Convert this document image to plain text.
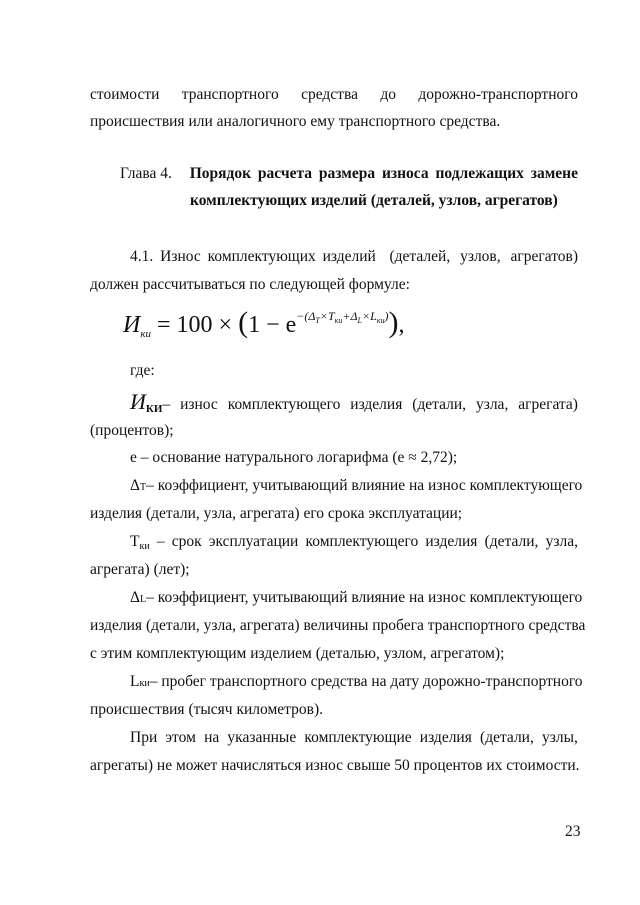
стоимости транспортного средства до дорожно-транспортного
происшествия или аналогичного ему транспортного средства.
Глава 4. Порядок расчета размера износа подлежащих замене
комплектующих изделий (деталей, узлов, агрегатов)
4.1. Износ комплектующих изделий (деталей, узлов, агрегатов)
должен рассчитываться по следующей формуле:
$И_{ки} = 100 \times (1 - e^{-(\Delta_T\times T_{ки}+\Delta_L\times L_{ки})})$,
где:
ИКИ– износ комплектующего изделия (детали, узла, агрегата)
(процентов);
е – основание натурального логарифма (е ≈ 2,72);
Δ Т – коэффициент, учитывающий влияние на износ комплектующего
изделия (детали, узла, агрегата) его срока эксплуатации;
Тки – срок эксплуатации комплектующего изделия (детали, узла,
агрегата) (лет);
Δ L – коэффициент, учитывающий влияние на износ комплектующего
изделия (детали, узла, агрегата) величины пробега транспортного средства
с этим комплектующим изделием (деталью, узлом, агрегатом);
L ки – пробег транспортного средства на дату дорожно-транспортного
происшествия (тысяч километров).
При этом на указанные комплектующие изделия (детали, узлы,
агрегаты) не может начисляться износ свыше 50 процентов их стоимости.
23
